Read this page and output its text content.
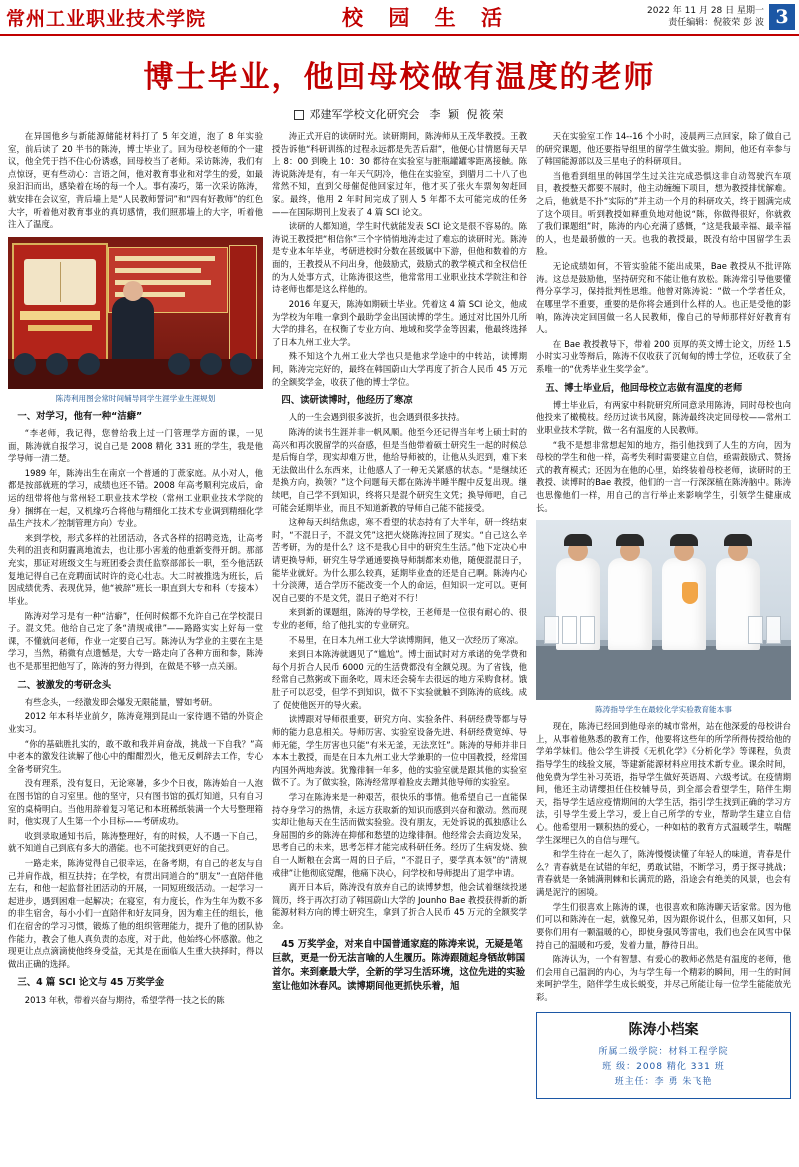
常州工业职业技术学院	校 园 生 活	2022 年 11 月 28 日 星期一
责任编辑：倪筱荣 彭 波 3
博士毕业，他回母校做有温度的老师
邓建军学校文化研究会 李 颖 倪筱荣

在异国他乡与新能源储能材料打了 5 年交道，泡了 8 年实验室，前后读了 20 半书的陈涛，博士毕业了。回为母校老师的个一建议，他全凭于挡不住心份诱惑，回母校当了老师。采访陈涛，我们有点惊讶，更有些动心：言语之间，他对教育事业和对学生的爱，如最泉汩汩而出，感染着在场的每一个人。事有凑巧，第一次采访陈涛，就安排在会议室，背后墙上是“人民教师誓词”和“四有好教师”的红色大字，听着他对教育事业的真切感情，我们照那墙上的大字，听着他注入了温度。

陈涛利用图会常时间辅导同学生涯学业生涯规划
一、对学习，他有一种“洁癖”

“李老师，我记得，您曾给我上过一门管理学方面的课，一见面，陈涛就自报学习，说自己是 2008 精化 331 班的学生，我是他学导师一清二楚。

1989 年，陈涛出生在南京一个普通的丁蔗家庭。从小对人，他都是按部就班的学习，成绩也还不错。2008 年高考顺利完成后，命运的纽带将他与常州轻工职业技术学校（常州工业职业技术学院的身）捆绑在一起，又机缘巧合将他与精细化工技术专业调到精细化学品生产技术／控制管理方向）专业。

来到学校，形式多样的社团活动，各式各样的招聘竞选，让高考失利的沮丧和阴霾离地流去，也让那小害羞的他重新变得开朗。那部充实，那证对班级文生与班团委会责任监察部部长一职，至今他活跃复地记得自己在竞聘面试时许的竞心壮志。大二时被推选为班长，后因成绩优秀、表现优异，他“被辞”班长一职直到大专和科（专接本）毕业。

陈涛对学习是有一种“洁癖”，任何时候都不允许自己在学校混日子。混文凭。他给自己定了条“清规戒律”——路路实实上好每一堂课，不懂就问老师，作业一定要自己写。陈涛认为学业的主要在主是学习，当然，稍微有点遗憾是，大专一路走向了各种方面和参，陈涛也不是那里把他写了，陈涛的努力得到，在做是不够一点关丽。

二、被激发的考研念头

有些念头，一经激发即会爆发无限能量，譬如考研。

2012 年本科毕业前夕，陈涛竟翔到昆山一家待遇不错的外资企业实习。

“你的基础胜扎实的，敢不敢和我并肩奋战，挑战一下自我？”高中老本的激发往读解了他心中的酣酣烈火，他无反刺辞去工作，专心全备考研究生。

没有理系，没有复日，无论寒暑，多少个日夜，陈涛始自一人泡在图书馆的自习室里。他的坚守，只有图书馆的孤灯知道，只有自习室的桌椅明白。当他用辞着复习笔记和本班稀纸装满一个大号整理箱时，他实现了人生第一个小目标——考研成功。

收到录取通知书后，陈涛整理好，有的时候，人不遇一下自己，就不知道自己到底有多大的潜能。也不可能找到更好的自己。

一路走来，陈涛觉得自己很幸运，在备考期，有自己的老友与自己并肩作战，相互扶持；在学校，有贯出同道合的“朋友”一直陪伴他左右，和他一起监督社团活动的开展，一同短班级活动。一起学习一起进步，遇到困难一起解决；在寝室，有力度长，作为生年为数不多的非生宿舍，每小小们一直陪伴和好友同身，因为难主任的组长，他们在宿舍的学习习惯，锻炼了他的组织管理能力，提升了他的团队协作能力，教会了他人真负责的态度，对于此，他始终心怀感激。他之现更让点点滴滴使他终身受益，无其是在面临人生重大抉择时，得以做出正确的选择。

三、4 篇 SCI 论文与 45 万奖学金

2013 年秋，带着兴奋与期待，希望学得一技之长的陈

涛正式开启的读研时光。读研期间，陈涛师从王茂华教授。王教授告诉他“科研训练的过程永远都是先苦后甜”，他便心甘情愿每天早上 8：00 到晚上 10：30 都待在实验室与脏瓶罐罐零距离接触。陈涛说陈涛是有，有一年天气阴冷，他住在实验室，到腊月二十八了也常然不知，直到父母催促他回家过年，他才买了张火车票匆匆赶回家。最终，他用 2 年时间完成了别人 5 年都不太可能完成的任务——在国际期刊上发表了 4 篇 SCI 论文。

读研的人都知道，学生时代就能发表 SCI 论文是很不容易的。陈涛说王教授把“相信你”三个字悄悄地涛走过了难忘的读研时光。陈涛是专业本年毕业，考研进校时分数在甚级属中下游，但他和数着的方面的，王教授从不问出身，他鼓励式，鼓励式的教学模式和全权信任的为人处事方式，让陈涛很这些，他常常用工业职业技术学院注和谷诗老师也都是这么样他的。

2016 年夏天，陈涛如期硕士毕业。凭着这 4 篇 SCI 论文，他成为学校为年唯一拿到个最助学金出国读博的学生。通过对比国外几所大学的排名，在权衡了专业方向、地域和奖学金等因素，他最终选择了日本九州工业大学。

殊不知这个九州工业大学也只是他求学途中的中转站，读博期间，陈涛完完好的，最终在韩国蔚山大学再度了折合人民币 45 万元的全额奖学金，收获了他的博士学位。

四、读研读博时，他经历了寒凉

人的一生会遇到很多波折，也会遇到很多扶持。

陈涛的读书生涯并非一帆风顺。他至今还记得当年考上硕士时的高兴和再次脱留学的兴奋感，但是当他带着硕士研究生一起的时候总是后悔自学，现实却难万世，他给导师被的，让他从头迟到，难下来无法做出什么东西来，让他感人了一种无关紧感的状态。“是继续还是换方向，换领？”这个问题每天都在陈涛半睡半醒中反复出现。继续吧，自己学不到知识，终将只是混个研究生文凭；换导师吧，自己可能会延期毕业，而且不知道新教的导师自己能不能接受。

这种每天纠结焦虑，寒不看望的状态持有了大半年，研一终结束时，“不混日子，不混文凭”这把火烧陈涛拉回了现实。“自己这么辛苦考研，为的是什么？这不是我心目中的研究生生活。”他下定决心申请更换导师，研究生导学通通要换导师制都来劝他，随便混混日子，能毕业就好。为什么那么较真，延期毕业查的还是自己啊。陈涛内心十分淡薄，适合学历不能改变一个人的命运，但知识一定可以。更何况自己要的不是文凭，混日子绝对不行！

来到新的课题组，陈涛的导学校，王老师是一位很有耐心的、很专业的老师，给了他扎实的专业研究。

不易里，在日本九州工业大学读博期间，他又一次经历了寒凉。

来到日本陈涛就遇见了“尴尬”。博士面试时对方承诺的免学费和每个月折合人民币 6000 元的生活费都没有全额兑现。为了省钱，他经常自己熬粥或下面条吃，周末还会骑车去很远的地方采购食材。饿肚子可以忍受，但学不到知识，做不下实验就触不到陈涛的底线。成了 促使他医开的导火索。

读博跟对导师很重要，研究方向、实验条件、科研经费等都与导师的能力息息相关。导师厉害、实验室设备先进、科研经费宽绰、导师无能，学生厉害也只能“有米无釜，无法烹饪”。陈涛的导师并非日本本土教授，而是在日本九州工业大学兼职的一位中国教授，经常国内国外两地奔波。犹豫徘徊一年多，他的实验室就是跟其他的实验室做不了。为了做实验，陈涛经常厚着脸皮去蹭其他导师的实验室。

学习在陈涛来是一种艰苦，很快乐的事情。他希望自己一直能保持夺身学习的热情，永远方获取新的知识而感到兴奋和激动。然而现实却让他每天在生活而做实验验。没有朋友，无处诉说的孤独感让么身屈围的乡的陈涛在抑郁和愁望的边缘徘徊。他经常会去商边发呆，思考自己的未来，思考怎样才能完成科研任务。经历了生病发烧、独自一人断粮在会寓一周的日子后，“不混日子，要学真本领”的“清规戒律”让他彻底觉醒，他痛下决心，问学校和导师提出了退学申请。

离开日本后，陈涛没有放弃自己的读博梦想，他会试着继续投递简历，终于再次打动了韩国蔚山大学的 Jounho Bae 教授获得新的新能源材料方向的博士研究生，拿到了折合人民币 45 万元的全额奖学金。

45 万奖学金，对来自中国普通家庭的陈涛来说，无疑是笔巨款，更是一份无法言喻的人生履历。陈涛跟随起身牺故韩国首尔。来到豪最大学，全新的学习生活环境，这位先进的实验室让他如沐春风。读博期间他更抓快乐着，旭

天在实验室工作 14--16 个小时，凌晨两三点回家，除了做自己的研究课题，他还要指导组里的留学生做实验。期间，他还有幸参与了韩国能源部以及三星电子的科研项目。

当他看到组里的韩国学生过关注完成恐惧这非自动驾驶汽车项目，教授整天都要不展时，他主动缠缠下项目，想为教授排忧解难。之后，他就是不扑“实际的”并主动一个月的科研攻关，终于圆满完成了这个项目。听到教授如释重负地对他说“陈，你做得很好，你就救了我们课题组”时，陈涛的内心充满了感慨，“这是我最幸福、最幸福的人，也是最骄傲的一天。也我的教授最，既没有给中国留学生丢脸。

无论成绩如何，不管实验能不能出成果，Bae 教授从不批评陈涛。这总是鼓励他，坚持研究和不能让他有放松。陈涛常引导他要懂得分享学习，保持批判性思维。他曾对陈涛说：“做一个学者任众，在哪里学不重要，重要的是你将会通到什么样的人。也正是受他的影响，陈涛决定回国做一名人民教师，像自己的导师那样好好教育有人。

在 Bae 教授教导下，带着 200 页厚的英文博士论文，历经 1.5 小时实习业等辩后，陈涛不仅收获了沉甸甸的博士学位，还收获了全系唯一的“优秀毕业生奖学金”。

五、博士毕业后，他回母校立志做有温度的老师

博士毕业后，有两家中科院研究所同意录用陈涛，同时母校也向他投来了橄榄枝。经历过读书风窗，陈涛最终决定回母校——常州工业职业技术学院，做一名有温度的人民教师。

“我不是想非常想起知的地方，指引他找到了人生的方向，因为母校的学生和他一样，高考失利时需要建立自信，亟需鼓励式、赞扬式的教育模式；还因为在他的心里，始终装着母校老师，读研时的王教授、读博时的Bae 教授，他们的一言一行深深植在陈涛脑中。陈涛也思像他们一样，用自己的言行举止来影响学生，引领学生健康成长。

陈涛指导学生在最较化学实验教育能本事

现在，陈涛已经回到他母亲的城市常州，站在他深爱的母校讲台上，从事着他熟悉的教育工作，他要将这些年的所学所得传授给他的学弟学妹们。他公学生讲授《无机化学》《分析化学》等课程，负责指导学生的线验文展，等建新能源材料应用技术新专业。课余时间，他免费为学生补习英语，指导学生做好英语周、六级考试。在疫情期间，他还主动请缨担任住校辅导员，到全部会看望学生，陪伴生期天，指导学生适应疫情期间的大学生活，指引学生找到正确的学习方法，引导学生爱上学习，爱上自己所学的专业，帮助学生建立自信心。他希望用一颗积热的爱心，一种如枯的教育方式温暖学生，喘醒学生深埋已久的自信与理气。

和学生待在一起久了，陈涛慢慢读懂了年轻人的味道，青春是什么？青春就是在试错的年纪，勇敢试错，不断学习，勇于探寻挑战；青春就是一条铺满荆棘和长满荒的路，沿途会有绝美的风景，也会有满是泥泞的困境。

学生们很喜欢上陈涛的课，也很喜欢和陈涛聊天话家常。因为他们可以和陈涛在一起，就像兄弟，因为跟你说什么，但那又如何，只要你们用有一颗温暖的心，即使身强风等雷电，我们也会在风雪中保持自己的温暖和巧爱，发着力量，静待日出。

陈涛认为，一个有智慧、有爱心的教师必然是有温度的老师，他们会用自己温润的内心，为与学生每一个精彩的瞬间，用一生的时间来呵护学生，陪伴学生成长蜕变，并尽己所能让每一位学生能能放光彩。

陈涛小档案
所属二级学院：材料工程学院
班 级：2008 精化 331 班
班主任：李 勇 朱飞艳
